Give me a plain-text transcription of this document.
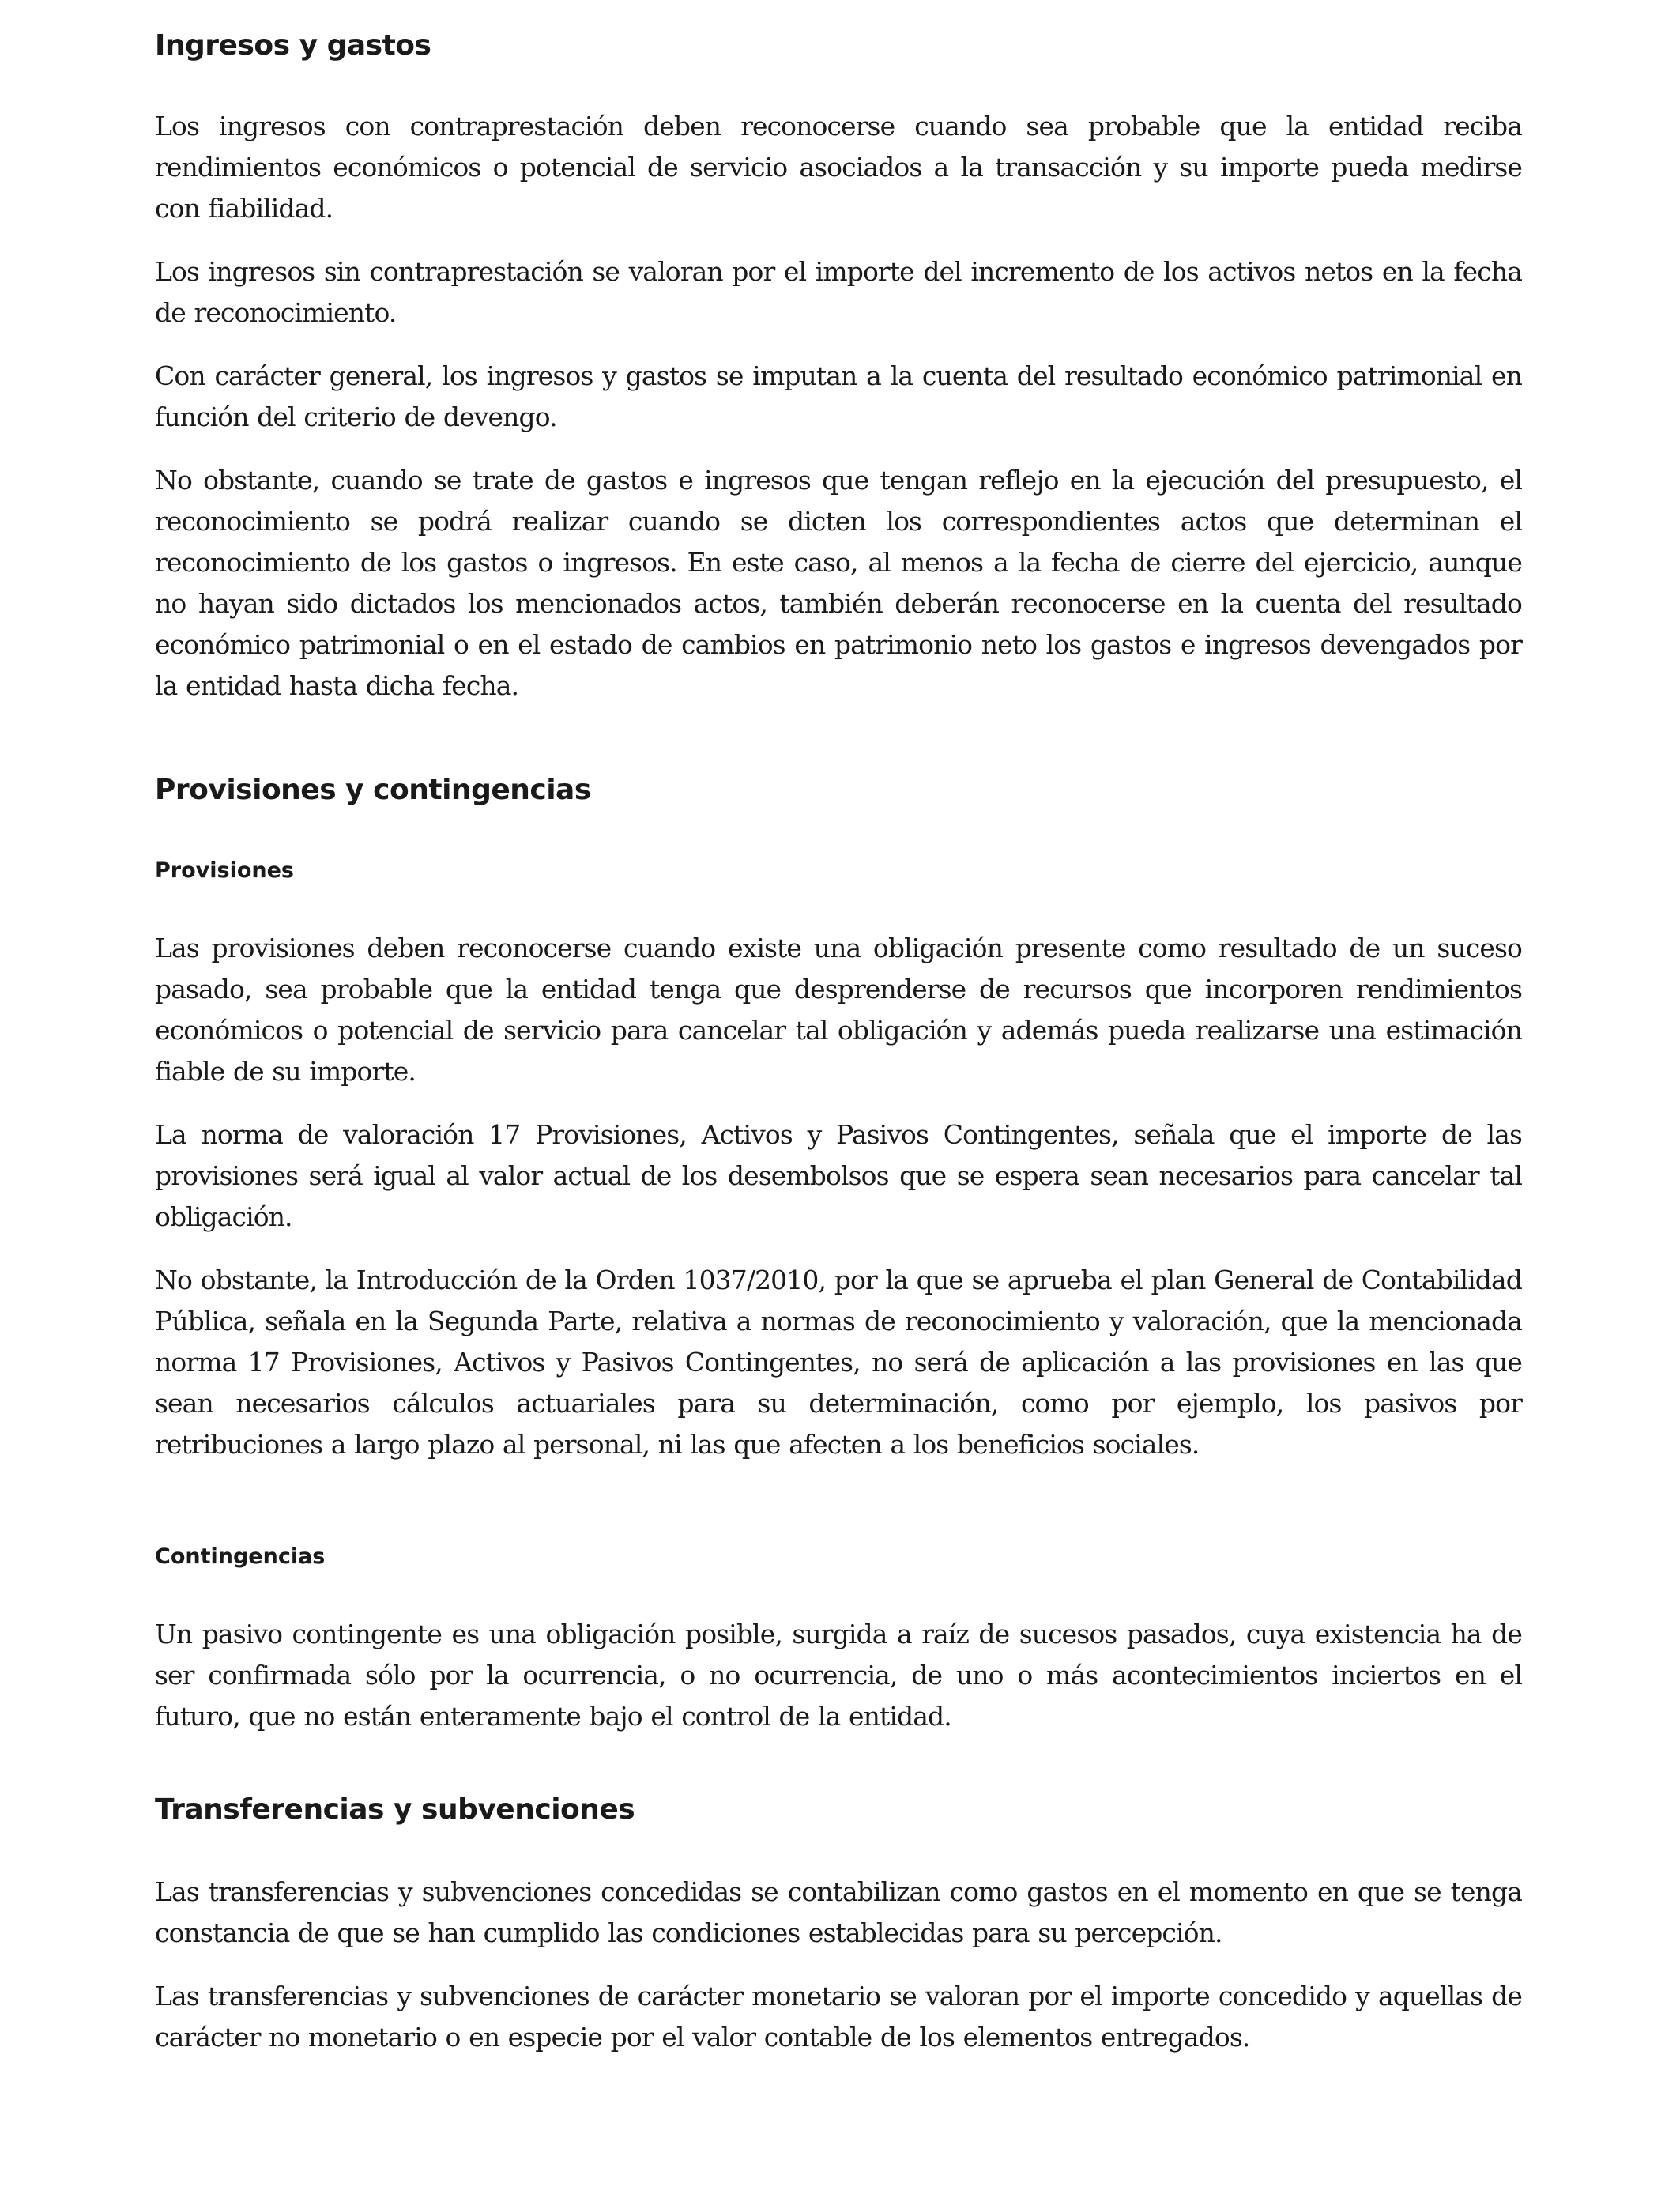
Ingresos y gastos

Los ingresos con contraprestación deben reconocerse cuando sea probable que la entidad reciba rendimientos económicos o potencial de servicio asociados a la transacción y su importe pueda medirse con fiabilidad.

Los ingresos sin contraprestación se valoran por el importe del incremento de los activos netos en la fecha de reconocimiento.

Con carácter general, los ingresos y gastos se imputan a la cuenta del resultado económico patrimonial en función del criterio de devengo.

No obstante, cuando se trate de gastos e ingresos que tengan reflejo en la ejecución del presupuesto, el reconocimiento se podrá realizar cuando se dicten los correspondientes actos que determinan el reconocimiento de los gastos o ingresos. En este caso, al menos a la fecha de cierre del ejercicio, aunque no hayan sido dictados los mencionados actos, también deberán reconocerse en la cuenta del resultado económico patrimonial o en el estado de cambios en patrimonio neto los gastos e ingresos devengados por la entidad hasta dicha fecha.

Provisiones y contingencias
Provisiones

Las provisiones deben reconocerse cuando existe una obligación presente como resultado de un suceso pasado, sea probable que la entidad tenga que desprenderse de recursos que incorporen rendimientos económicos o potencial de servicio para cancelar tal obligación y además pueda realizarse una estimación fiable de su importe.

La norma de valoración 17 Provisiones, Activos y Pasivos Contingentes, señala que el importe de las provisiones será igual al valor actual de los desembolsos que se espera sean necesarios para cancelar tal obligación.

No obstante, la Introducción de la Orden 1037/2010, por la que se aprueba el plan General de Contabilidad Pública, señala en la Segunda Parte, relativa a normas de reconocimiento y valoración, que la mencionada norma 17 Provisiones, Activos y Pasivos Contingentes, no será de aplicación a las provisiones en las que sean necesarios cálculos actuariales para su determinación, como por ejemplo, los pasivos por retribuciones a largo plazo al personal, ni las que afecten a los beneficios sociales.

Contingencias

Un pasivo contingente es una obligación posible, surgida a raíz de sucesos pasados, cuya existencia ha de ser confirmada sólo por la ocurrencia, o no ocurrencia, de uno o más acontecimientos inciertos en el futuro, que no están enteramente bajo el control de la entidad.

Transferencias y subvenciones

Las transferencias y subvenciones concedidas se contabilizan como gastos en el momento en que se tenga constancia de que se han cumplido las condiciones establecidas para su percepción.

Las transferencias y subvenciones de carácter monetario se valoran por el importe concedido y aquellas de carácter no monetario o en especie por el valor contable de los elementos entregados.
